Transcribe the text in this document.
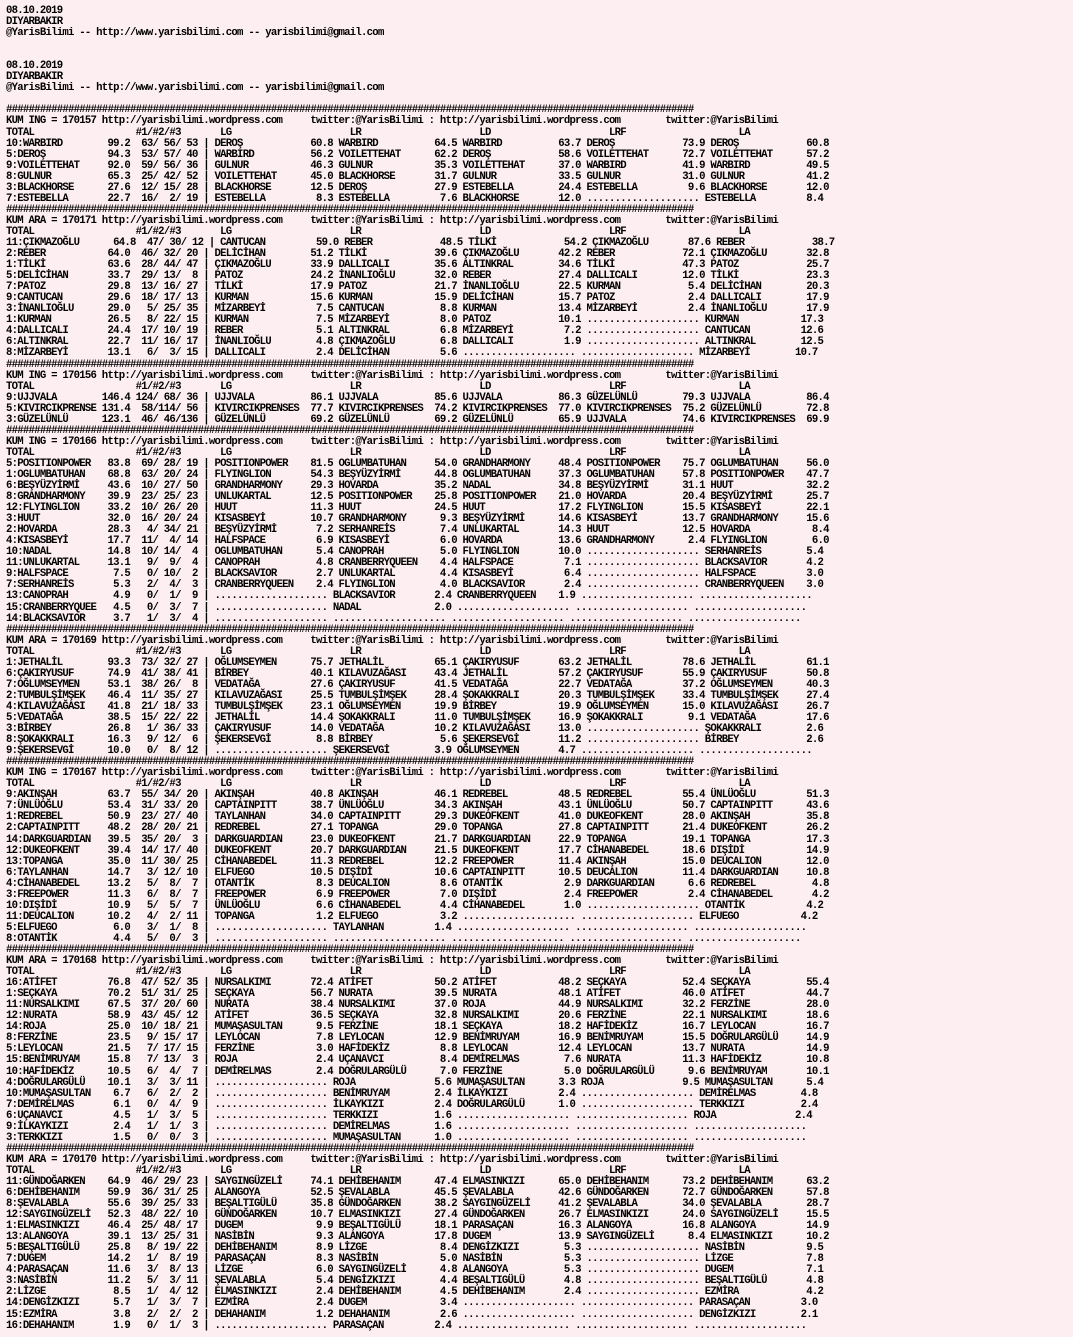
08.10.2019
DIYARBAKIR
@YarisBilimi -- http://www.yarisbilimi.com -- yarisbilimi@gmail.com

08.10.2019
DIYARBAKIR
@YarisBilimi -- http://www.yarisbilimi.com -- yarisbilimi@gmail.com

##########################################################################################################################
KUM ING = 170157 http://yarisbilimi.wordpress.com     twitter:@YarisBilimi : http://yarisbilimi.wordpress.com        twitter:@YarisBilimi
TOTAL                  #1/#2/#3       LG                     LR                     LD                     LRF                    LA
10:WARBIRD        99.2  63/ 56/ 53 | DEROŞ            60.8 WARBIRD          64.5 WARBIRD          63.7 DEROŞ            73.9 DEROŞ            60.8
5:DEROŞ           94.3  53/ 57/ 40 | WARBIRD          56.2 VOILETTEHAT      62.2 DEROŞ            58.6 VOILETTEHAT      72.7 VOILETTEHAT      57.2
9:VOILETTEHAT     92.0  59/ 56/ 36 | GULNUR           46.3 GULNUR           35.3 VOILETTEHAT      37.0 WARBIRD          41.9 WARBIRD          49.5
8:GULNUR          65.3  25/ 42/ 52 | VOILETTEHAT      45.0 BLACKHORSE       31.7 GULNUR           33.5 GULNUR           31.0 GULNUR           41.2
3:BLACKHORSE      27.6  12/ 15/ 28 | BLACKHORSE       12.5 DEROŞ            27.9 ESTEBELLA        24.4 ESTEBELLA         9.6 BLACKHORSE       12.0
7:ESTEBELLA       22.7  16/  2/ 19 | ESTEBELLA         8.3 ESTEBELLA         7.6 BLACKHORSE       12.0 .................... ESTEBELLA         8.4
##########################################################################################################################
KUM ARA = 170171 http://yarisbilimi.wordpress.com     twitter:@YarisBilimi : http://yarisbilimi.wordpress.com        twitter:@YarisBilimi
TOTAL                  #1/#2/#3       LG                     LR                     LD                     LRF                    LA
11:ÇIKMAZOĞLU      64.8  47/ 30/ 12 | CANTUCAN         59.0 REBER            48.5 TİLKİ            54.2 ÇIKMAZOĞLU       87.6 REBER            38.7
2:REBER           64.0  46/ 32/ 20 | DELİCİHAN        51.2 TİLKİ            39.6 ÇIKMAZOĞLU       42.2 REBER            72.1 ÇIKMAZOĞLU       32.8
1:TİLKİ           63.6  28/ 44/ 47 | ÇIKMAZOĞLU       33.9 DALLICALI        35.6 ALTINKRAL        34.6 TİLKİ            47.3 PATOZ            25.7
5:DELİCİHAN       33.7  29/ 13/  8 | PATOZ            24.2 İNANLIOĞLU       32.0 REBER            27.4 DALLICALI        12.0 TİLKİ            23.3
7:PATOZ           29.8  13/ 16/ 27 | TİLKİ            17.9 PATOZ            21.7 İNANLIOĞLU       22.5 KURMAN            5.4 DELİCİHAN        20.3
9:CANTUCAN        29.6  18/ 17/ 13 | KURMAN           15.6 KURMAN           15.9 DELİCİHAN        15.7 PATOZ             2.4 DALLICALI        17.9
3:İNANLIOĞLU      29.0   5/ 25/ 35 | MİZARBEYİ         7.5 CANTUCAN          8.8 KURMAN           13.4 MİZARBEYİ         2.4 İNANLIOĞLU       17.9
1:KURMAN          26.5   8/ 22/ 15 | KURMAN            7.5 MİZARBEYİ         8.0 PATOZ            10.1 .................... KURMAN           17.3
4:DALLICALI       24.4  17/ 10/ 19 | REBER             5.1 ALTINKRAL         6.8 MİZARBEYİ         7.2 .................... CANTUCAN         12.6
6:ALTINKRAL       22.7  11/ 16/ 17 | İNANLIOĞLU        4.8 ÇIKMAZOĞLU        6.8 DALLICALI         1.9 .................... ALTINKRAL        12.5
8:MİZARBEYİ       13.1   6/  3/ 15 | DALLICALI         2.4 DELİCİHAN         5.6 .................... .................... MİZARBEYİ        10.7
##########################################################################################################################
KUM ING = 170156 http://yarisbilimi.wordpress.com     twitter:@YarisBilimi : http://yarisbilimi.wordpress.com        twitter:@YarisBilimi
TOTAL                  #1/#2/#3       LG                     LR                     LD                     LRF                    LA
9:UJJVALA        146.4 124/ 68/ 36 | UJJVALA          86.1 UJJVALA          85.6 UJJVALA          86.3 GÜZELÜNLÜ        79.3 UJJVALA          86.4
5:KIVIRCIKPRENSE 131.4  58/114/ 56 | KIVIRCIKPRENSES  77.7 KIVIRCIKPRENSES  74.2 KIVIRCIKPRENSES  77.0 KIVIRCIKPRENSES  75.2 GÜZELÜNLÜ        72.8
3:GÜZELÜNLÜ      123.1  46/ 46/136 | GÜZELÜNLÜ        69.2 GÜZELÜNLÜ        69.2 GÜZELÜNLÜ        65.9 UJJVALA          74.6 KIVIRCIKPRENSES  69.9
##########################################################################################################################
KUM ING = 170166 http://yarisbilimi.wordpress.com     twitter:@YarisBilimi : http://yarisbilimi.wordpress.com        twitter:@YarisBilimi
TOTAL                  #1/#2/#3       LG                     LR                     LD                     LRF                    LA
5:POSITIONPOWER   83.8  69/ 28/ 19 | POSITIONPOWER    81.5 OGLUMBATUHAN     54.0 GRANDHARMONY     48.4 POSITIONPOWER    75.7 OGLUMBATUHAN     56.0
1:OGLUMBATUHAN    68.8  63/ 20/ 24 | FLYINGLION       54.3 BEŞYÜZYİRMİ      44.8 OGLUMBATUHAN     37.3 OGLUMBATUHAN     57.8 POSITIONPOWER    47.7
6:BEŞYÜZYİRMİ     43.6  10/ 27/ 50 | GRANDHARMONY     29.3 HOVARDA          35.2 NADAL            34.8 BEŞYÜZYİRMİ      31.1 HUUT             32.2
8:GRANDHARMONY    39.9  23/ 25/ 23 | UNLUKARTAL       12.5 POSITIONPOWER    25.8 POSITIONPOWER    21.0 HOVARDA          20.4 BEŞYÜZYİRMİ      25.7
12:FLYINGLION     33.2  10/ 26/ 20 | HUUT             11.3 HUUT             24.5 HUUT             17.2 FLYINGLION       15.5 KISASBEYİ        22.1
3:HUUT            32.0  16/ 20/ 24 | KISASBEYİ        10.7 GRANDHARMONY      9.3 BEŞYÜZYİRMİ      14.6 KISASBEYİ        13.7 GRANDHARMONY     15.6
2:HOVARDA         28.3   4/ 34/ 21 | BEŞYÜZYİRMİ       7.2 SERHANREİS        7.4 UNLUKARTAL       14.3 HUUT             12.5 HOVARDA           8.4
4:KISASBEYİ       17.7  11/  4/ 14 | HALFSPACE         6.9 KISASBEYİ         6.0 HOVARDA          13.6 GRANDHARMONY      2.4 FLYINGLION        6.0
10:NADAL          14.8  10/ 14/  4 | OGLUMBATUHAN      5.4 CANOPRAH          5.0 FLYINGLION       10.0 .................... SERHANREİS        5.4
11:UNLUKARTAL     13.1   9/  9/  4 | CANOPRAH          4.8 CRANBERRYQUEEN    4.4 HALFSPACE         7.1 .................... BLACKSAVIOR       4.2
9:HALFSPACE        7.5   0/ 10/  2 | BLACKSAVIOR       2.7 UNLUKARTAL        4.4 KISASBEYİ         6.4 .................... HALFSPACE         3.0
7:SERHANREİS       5.3   2/  4/  3 | CRANBERRYQUEEN    2.4 FLYINGLION        4.0 BLACKSAVIOR       2.4 .................... CRANBERRYQUEEN    3.0
13:CANOPRAH        4.9   0/  1/  9 | .................... BLACKSAVIOR       2.4 CRANBERRYQUEEN    1.9 .................... ....................
15:CRANBERRYQUEE   4.5   0/  3/  7 | .................... NADAL             2.0 .................... .................... ....................
14:BLACKSAVIOR     3.7   1/  3/  4 | .................... .................... .................... .................... ....................
##########################################################################################################################
KUM ARA = 170169 http://yarisbilimi.wordpress.com     twitter:@YarisBilimi : http://yarisbilimi.wordpress.com        twitter:@YarisBilimi
TOTAL                  #1/#2/#3       LG                     LR                     LD                     LRF                    LA
1:JETHALİL        93.3  73/ 32/ 27 | OĞLUMSEYMEN      75.7 JETHALİL         65.1 ÇAKIRYUSUF       63.2 JETHALİL         78.6 JETHALİL         61.1
6:ÇAKIRYUSUF      74.9  41/ 38/ 41 | BİRBEY           40.1 KILAVUZAĞASI     43.4 JETHALİL         57.2 ÇAKIRYUSUF       55.9 ÇAKIRYUSUF       50.8
7:OĞLUMSEYMEN     53.1  38/ 26/  8 | VEDATAĞA         27.6 ÇAKIRYUSUF       41.5 VEDATAĞA         22.7 VEDATAĞA         37.2 OĞLUMSEYMEN      40.3
2:TUMBULŞİMŞEK    46.4  11/ 35/ 27 | KILAVUZAĞASI     25.5 TUMBULŞİMŞEK     28.4 ŞOKAKKRALI       20.3 TUMBULŞİMŞEK     33.4 TUMBULŞİMŞEK     27.4
4:KILAVUZAĞASI    41.8  21/ 18/ 33 | TUMBULŞİMŞEK     23.1 OĞLUMSEYMEN      19.9 BİRBEY           19.9 OĞLUMSEYMEN      15.0 KILAVUZAĞASI     26.7
5:VEDATAĞA        38.5  15/ 22/ 22 | JETHALİL         14.4 ŞOKAKKRALI       11.0 TUMBULŞİMŞEK     16.9 ŞOKAKKRALI        9.1 VEDATAĞA         17.6
3:BİRBEY          26.8   1/ 36/ 33 | ÇAKIRYUSUF       14.0 VEDATAĞA         10.2 KILAVUZAĞASI     13.0 .................... ŞOKAKKRALI        2.6
8:ŞOKAKKRALI      16.3   9/ 12/  6 | ŞEKERSEVGİ        8.8 BİRBEY            5.6 ŞEKERSEVGİ       11.2 .................... BİRBEY            2.6
9:ŞEKERSEVGİ      10.0   0/  8/ 12 | .................... ŞEKERSEVGİ        3.9 OĞLUMSEYMEN       4.7 .................... ....................
##########################################################################################################################
KUM ING = 170167 http://yarisbilimi.wordpress.com     twitter:@YarisBilimi : http://yarisbilimi.wordpress.com        twitter:@YarisBilimi
TOTAL                  #1/#2/#3       LG                     LR                     LD                     LRF                    LA
9:AKINŞAH         63.7  55/ 34/ 20 | AKINŞAH          40.8 AKINŞAH          46.1 REDREBEL         48.5 REDREBEL         55.4 ÜNLÜOĞLU         51.3
7:ÜNLÜOĞLU        53.4  31/ 33/ 20 | CAPTAINPITT      38.7 ÜNLÜOĞLU         34.3 AKINŞAH          43.1 ÜNLÜOĞLU         50.7 CAPTAINPITT      43.6
1:REDREBEL        50.9  23/ 27/ 40 | TAYLANHAN        34.0 CAPTAINPITT      29.3 DUKEOFKENT       41.0 DUKEOFKENT       28.0 AKINŞAH          35.8
2:CAPTAINPITT     48.2  28/ 20/ 21 | REDREBEL         27.1 TOPANGA          29.0 TOPANGA          27.8 CAPTAINPITT      21.4 DUKEOFKENT       26.2
14:DARKGUARDIAN   39.5  35/ 20/  3 | DARKGUARDIAN     23.0 DUKEOFKENT       21.7 DARKGUARDIAN     22.9 TOPANGA          19.1 TOPANGA          17.3
12:DUKEOFKENT     39.4  14/ 17/ 40 | DUKEOFKENT       20.7 DARKGUARDIAN     21.5 DUKEOFKENT       17.7 CİHANABEDEL      18.6 DIŞİDİ           14.9
13:TOPANGA        35.0  11/ 30/ 25 | CİHANABEDEL      11.3 REDREBEL         12.2 FREEPOWER        11.4 AKINŞAH          15.0 DEUCALION        12.0
6:TAYLANHAN       14.7   3/ 12/ 10 | ELFUEGO          10.5 DIŞİDİ           10.6 CAPTAINPITT      10.5 DEUCALION        11.4 DARKGUARDIAN     10.8
4:CİHANABEDEL     13.2   5/  8/  7 | OTANTİK           8.3 DEUCALION         8.6 OTANTİK           2.9 DARKGUARDIAN      6.6 REDREBEL          4.8
3:FREEPOWER       11.3   6/  8/  7 | FREEPOWER         6.9 FREEPOWER         7.0 DIŞİDİ            2.4 FREEPOWER         2.4 CİHANABEDEL       4.2
10:DIŞİDİ         10.9   5/  5/  7 | ÜNLÜOĞLU          6.6 CİHANABEDEL       4.4 CİHANABEDEL       1.0 .................... OTANTİK           4.2
11:DEUCALION      10.2   4/  2/ 11 | TOPANGA           1.2 ELFUEGO           3.2 .................... .................... ELFUEGO           4.2
5:ELFUEGO          6.0   3/  1/  8 | .................... TAYLANHAN         1.4 .................... .................... ....................
8:OTANTİK          4.4   5/  0/  3 | .................... .................... .................... .................... ....................
##########################################################################################################################
KUM ARA = 170168 http://yarisbilimi.wordpress.com     twitter:@YarisBilimi : http://yarisbilimi.wordpress.com        twitter:@YarisBilimi
TOTAL                  #1/#2/#3       LG                     LR                     LD                     LRF                    LA
16:ATİFET         76.8  47/ 52/ 35 | NURSALKIMI       72.4 ATİFET           50.2 ATİFET           48.2 SEÇKAYA          52.4 SEÇKAYA          55.4
1:SEÇKAYA         70.2  51/ 31/ 25 | SEÇKAYA          56.7 NURATA           39.5 NURATA           48.1 ATİFET           46.0 ATİFET           44.7
11:NURSALKIMI     67.5  37/ 20/ 60 | NURATA           38.4 NURSALKIMI       37.0 ROJA             44.9 NURSALKIMI       32.2 FERZİNE          28.0
12:NURATA         58.9  43/ 45/ 12 | ATİFET           36.5 SEÇKAYA          32.8 NURSALKIMI       20.6 FERZİNE          22.1 NURSALKIMI       18.6
14:ROJA           25.0  10/ 18/ 21 | MUMAŞASULTAN      9.5 FERZİNE          18.1 SEÇKAYA          18.2 HAFİDEKİZ        16.7 LEYLOCAN         16.7
8:FERZİNE         23.5   9/ 15/ 17 | LEYLOCAN          7.8 LEYLOCAN         12.9 BENİMRUYAM       16.9 BENİMRUYAM       15.5 DOĞRULARGÜLÜ     14.9
5:LEYLOCAN        21.5   7/ 17/ 15 | FERZİNE           3.0 HAFİDEKİZ         8.8 LEYLOCAN         12.4 LEYLOCAN         13.7 NURATA           14.9
15:BENİMRUYAM     15.8   7/ 13/  3 | ROJA              2.4 UÇANAVCI          8.4 DEMİRELMAS        7.6 NURATA           11.3 HAFİDEKİZ        10.8
10:HAFİDEKİZ      10.5   6/  4/  7 | DEMİRELMAS        2.4 DOĞRULARGÜLÜ      7.0 FERZİNE           5.0 DOĞRULARGÜLÜ      9.6 BENİMRUYAM       10.1
4:DOĞRULARGÜLÜ    10.1   3/  3/ 11 | .................... ROJA              5.6 MUMAŞASULTAN      3.3 ROJA              9.5 MUMAŞASULTAN      5.4
10:MUMAŞASULTAN    6.7   6/  2/  2 | .................... BENİMRUYAM        2.4 İLKAYKIZI         2.4 .................... DEMİRELMAS        4.8
7:DEMİRELMAS       6.1   0/  4/  9 | .................... İLKAYKIZI         2.4 DOĞRULARGÜLÜ      1.0 .................... TERKKIZI          2.4
6:UÇANAVCI         4.5   1/  3/  5 | .................... TERKKIZI          1.6 .................... .................... ROJA              2.4
9:İLKAYKIZI        2.4   1/  1/  3 | .................... DEMİRELMAS        1.6 .................... .................... ....................
3:TERKKIZI         1.5   0/  0/  3 | .................... MUMAŞASULTAN      1.0 .................... .................... ....................
##########################################################################################################################
KUM ARA = 170170 http://yarisbilimi.wordpress.com     twitter:@YarisBilimi : http://yarisbilimi.wordpress.com        twitter:@YarisBilimi
TOTAL                  #1/#2/#3       LG                     LR                     LD                     LRF                    LA
11:GÜNDOĞARKEN    64.9  46/ 29/ 23 | SAYGINGÜZELİ     74.1 DEHİBEHANIM      47.4 ELMASINKIZI      65.0 DEHİBEHANIM      73.2 DEHİBEHANIM      63.2
6:DEHİBEHANIM     59.9  36/ 31/ 25 | ALANGOYA         52.5 ŞEVALABLA        45.5 ŞEVALABLA        42.6 GÜNDOĞARKEN      72.7 GÜNDOĞARKEN      57.8
8:ŞEVALABLA       55.6  39/ 25/ 33 | BEŞALTIGÜLÜ      35.8 GÜNDOĞARKEN      38.2 SAYGINGÜZELİ     41.2 ŞEVALABLA        34.0 ŞEVALABLA        28.7
12:SAYGINGÜZELİ   52.3  48/ 22/ 10 | GÜNDOĞARKEN      10.7 ELMASINKIZI      27.4 GÜNDOĞARKEN      26.7 ELMASINKIZI      24.0 SAYGINGÜZELİ     15.5
1:ELMASINKIZI     46.4  25/ 48/ 17 | DUGEM             9.9 BEŞALTIGÜLÜ      18.1 PARASAÇAN        16.3 ALANGOYA         16.8 ALANGOYA         14.9
13:ALANGOYA       39.1  13/ 25/ 31 | NASİBİN           9.3 ALANGOYA         17.8 DUGEM            13.9 SAYGINGÜZELİ      8.4 ELMASINKIZI      10.2
5:BEŞALTIGÜLÜ     25.8   8/ 19/ 22 | DEHİBEHANIM       8.9 LİZGE             8.4 DENGİZKIZI        5.3 .................... NASİBİN           9.5
7:DUGEM           14.2   1/  8/ 19 | PARASAÇAN         8.3 NASİBİN           5.0 NASİBİN           5.3 .................... LİZGE             7.8
4:PARASAÇAN       11.6   3/  8/ 13 | LİZGE             6.0 SAYGINGÜZELİ      4.8 ALANGOYA          5.3 .................... DUGEM             7.1
3:NASİBİN         11.2   5/  3/ 11 | ŞEVALABLA         5.4 DENGİZKIZI        4.4 BEŞALTIGÜLÜ       4.8 .................... BEŞALTIGÜLÜ       4.8
2:LİZGE            8.5   1/  4/ 12 | ELMASINKIZI       2.4 DEHİBEHANIM       4.5 DEHİBEHANIM       2.4 .................... EZMİRA            4.2
14:DENGİZKIZI      5.7   1/  3/  7 | EZMİRA            2.4 DUGEM             3.4 .................... .................... PARASAÇAN         3.0
15:EZMİRA          3.8   2/  2/  2 | DEHAHANIM         1.2 DEHAHANIM         2.6 .................... .................... DENGİZKIZI        2.1
16:DEHAHANIM       1.9   0/  1/  3 | .................... PARASAÇAN         2.4 .................... .................... ....................
